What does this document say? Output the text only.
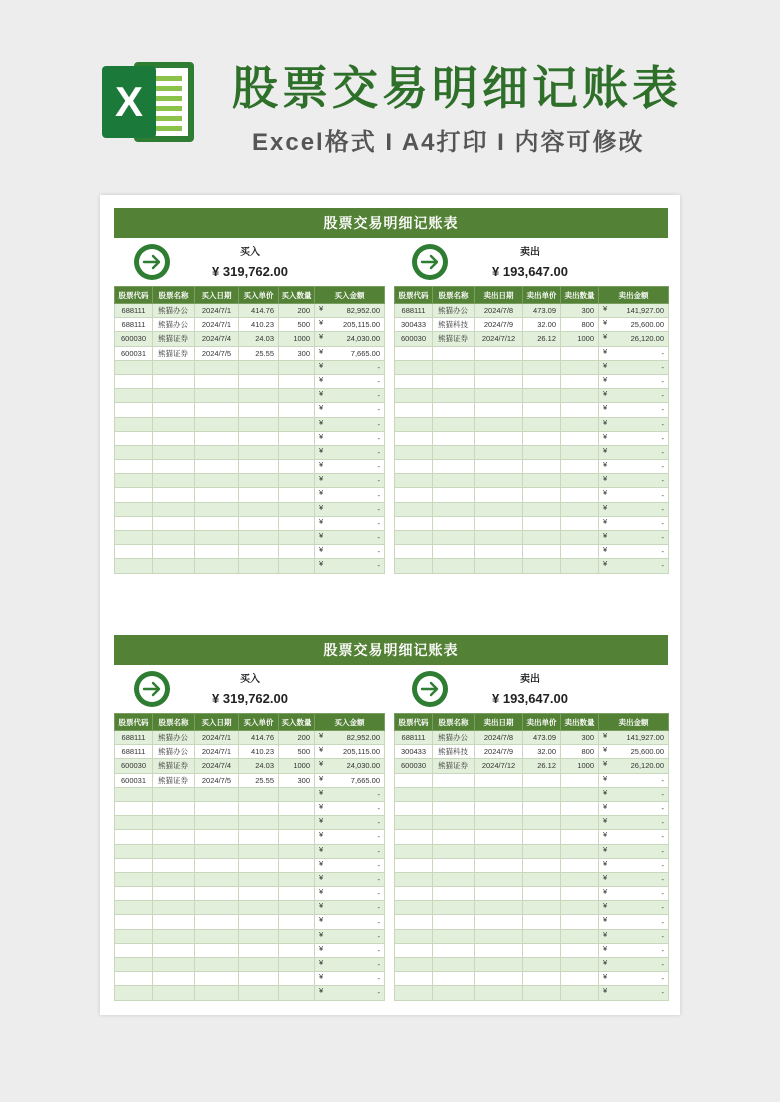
X 股票交易明细记账表
Excel格式 I A4打印 I 内容可修改
股票交易明细记账表
买入
¥ 319,762.00
卖出
¥ 193,647.00
股票代码	股票名称	买入日期	买入单价	买入数量	买入金额
688111	熊猫办公	2024/7/1	414.76	200	¥ 82,952.00
688111	熊猫办公	2024/7/1	410.23	500	¥ 205,115.00
600030	熊猫证券	2024/7/4	24.03	1000	¥ 24,030.00
600031	熊猫证券	2024/7/5	25.55	300	¥ 7,665.00

					¥ -

					¥ -

					¥ -

					¥ -

					¥ -

					¥ -

					¥ -

					¥ -

					¥ -

					¥ -

					¥ -

					¥ -

					¥ -

					¥ -

					¥ -
股票代码	股票名称	卖出日期	卖出单价	卖出数量	卖出金额
688111	熊猫办公	2024/7/8	473.09	300	¥ 141,927.00
300433	熊猫科技	2024/7/9	32.00	800	¥ 25,600.00
600030	熊猫证券	2024/7/12	26.12	1000	¥ 26,120.00

					¥ -

					¥ -

					¥ -

					¥ -

					¥ -

					¥ -

					¥ -

					¥ -

					¥ -

					¥ -

					¥ -

					¥ -

					¥ -

					¥ -

					¥ -

					¥ -
股票交易明细记账表
买入
¥ 319,762.00
卖出
¥ 193,647.00
股票代码	股票名称	买入日期	买入单价	买入数量	买入金额
688111	熊猫办公	2024/7/1	414.76	200	¥ 82,952.00
688111	熊猫办公	2024/7/1	410.23	500	¥ 205,115.00
600030	熊猫证券	2024/7/4	24.03	1000	¥ 24,030.00
600031	熊猫证券	2024/7/5	25.55	300	¥ 7,665.00

					¥ -

					¥ -

					¥ -

					¥ -

					¥ -

					¥ -

					¥ -

					¥ -

					¥ -

					¥ -

					¥ -

					¥ -

					¥ -

					¥ -

					¥ -
股票代码	股票名称	卖出日期	卖出单价	卖出数量	卖出金额
688111	熊猫办公	2024/7/8	473.09	300	¥ 141,927.00
300433	熊猫科技	2024/7/9	32.00	800	¥ 25,600.00
600030	熊猫证券	2024/7/12	26.12	1000	¥ 26,120.00

					¥ -

					¥ -

					¥ -

					¥ -

					¥ -

					¥ -

					¥ -

					¥ -

					¥ -

					¥ -

					¥ -

					¥ -

					¥ -

					¥ -

					¥ -

					¥ -
